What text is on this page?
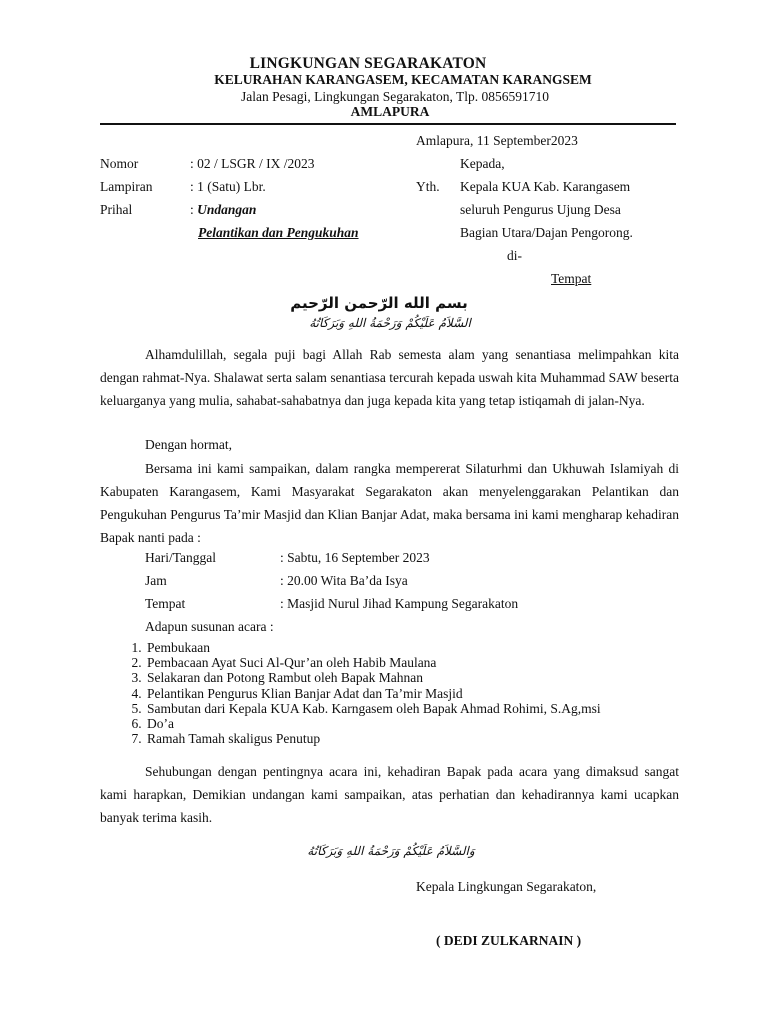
LINGKUNGAN SEGARAKATON
KELURAHAN KARANGASEM, KECAMATAN KARANGSEM
Jalan Pesagi, Lingkungan Segarakaton, Tlp. 0856591710
AMLAPURA
Amlapura, 11 September2023
Nomor	: 02 / LSGR / IX /2023
Lampiran	: 1 (Satu) Lbr.
Prihal	: Undangan
Pelantikan dan Pengukuhan
Kepada,
Yth. Kepala KUA Kab. Karangasem
seluruh Pengurus Ujung Desa
Bagian Utara/Dajan Pengorong.
di-
Tempat
بسم الله الرّحمن الرّحيم
السَّلاَمُ عَلَيْكُمْ وَرَحْمَةُ اللهِ وَبَرَكَاتُهُ
Alhamdulillah, segala puji bagi Allah Rab semesta alam yang senantiasa melimpahkan kita dengan rahmat-Nya. Shalawat serta salam senantiasa tercurah kepada uswah kita Muhammad SAW beserta keluarganya yang mulia, sahabat-sahabatnya dan juga kepada kita yang tetap istiqamah di jalan-Nya.
Dengan hormat,
Bersama ini kami sampaikan, dalam rangka mempererat Silaturhmi dan Ukhuwah Islamiyah di Kabupaten Karangasem, Kami Masyarakat Segarakaton akan menyelenggarakan Pelantikan dan Pengukuhan Pengurus Ta’mir Masjid dan Klian Banjar Adat, maka bersama ini kami mengharap kehadiran Bapak nanti pada :
Hari/Tanggal	: Sabtu, 16 September 2023
Jam	: 20.00 Wita Ba’da Isya
Tempat	: Masjid Nurul Jihad Kampung Segarakaton
Adapun susunan acara :
1. Pembukaan
2. Pembacaan Ayat Suci Al-Qur’an oleh Habib Maulana
3. Selakaran dan Potong Rambut oleh Bapak Mahnan
4. Pelantikan Pengurus Klian Banjar Adat dan Ta’mir Masjid
5. Sambutan dari Kepala KUA Kab. Karngasem oleh Bapak Ahmad Rohimi, S.Ag,msi
6. Do’a
7. Ramah Tamah skaligus Penutup
Sehubungan dengan pentingnya acara ini, kehadiran Bapak pada acara yang dimaksud sangat kami harapkan, Demikian undangan kami sampaikan, atas perhatian dan kehadirannya kami ucapkan banyak terima kasih.
وَالسَّلاَمُ عَلَيْكُمْ وَرَحْمَةُ اللهِ وَبَرَكَاتُهُ
Kepala Lingkungan Segarakaton,
( DEDI ZULKARNAIN )
